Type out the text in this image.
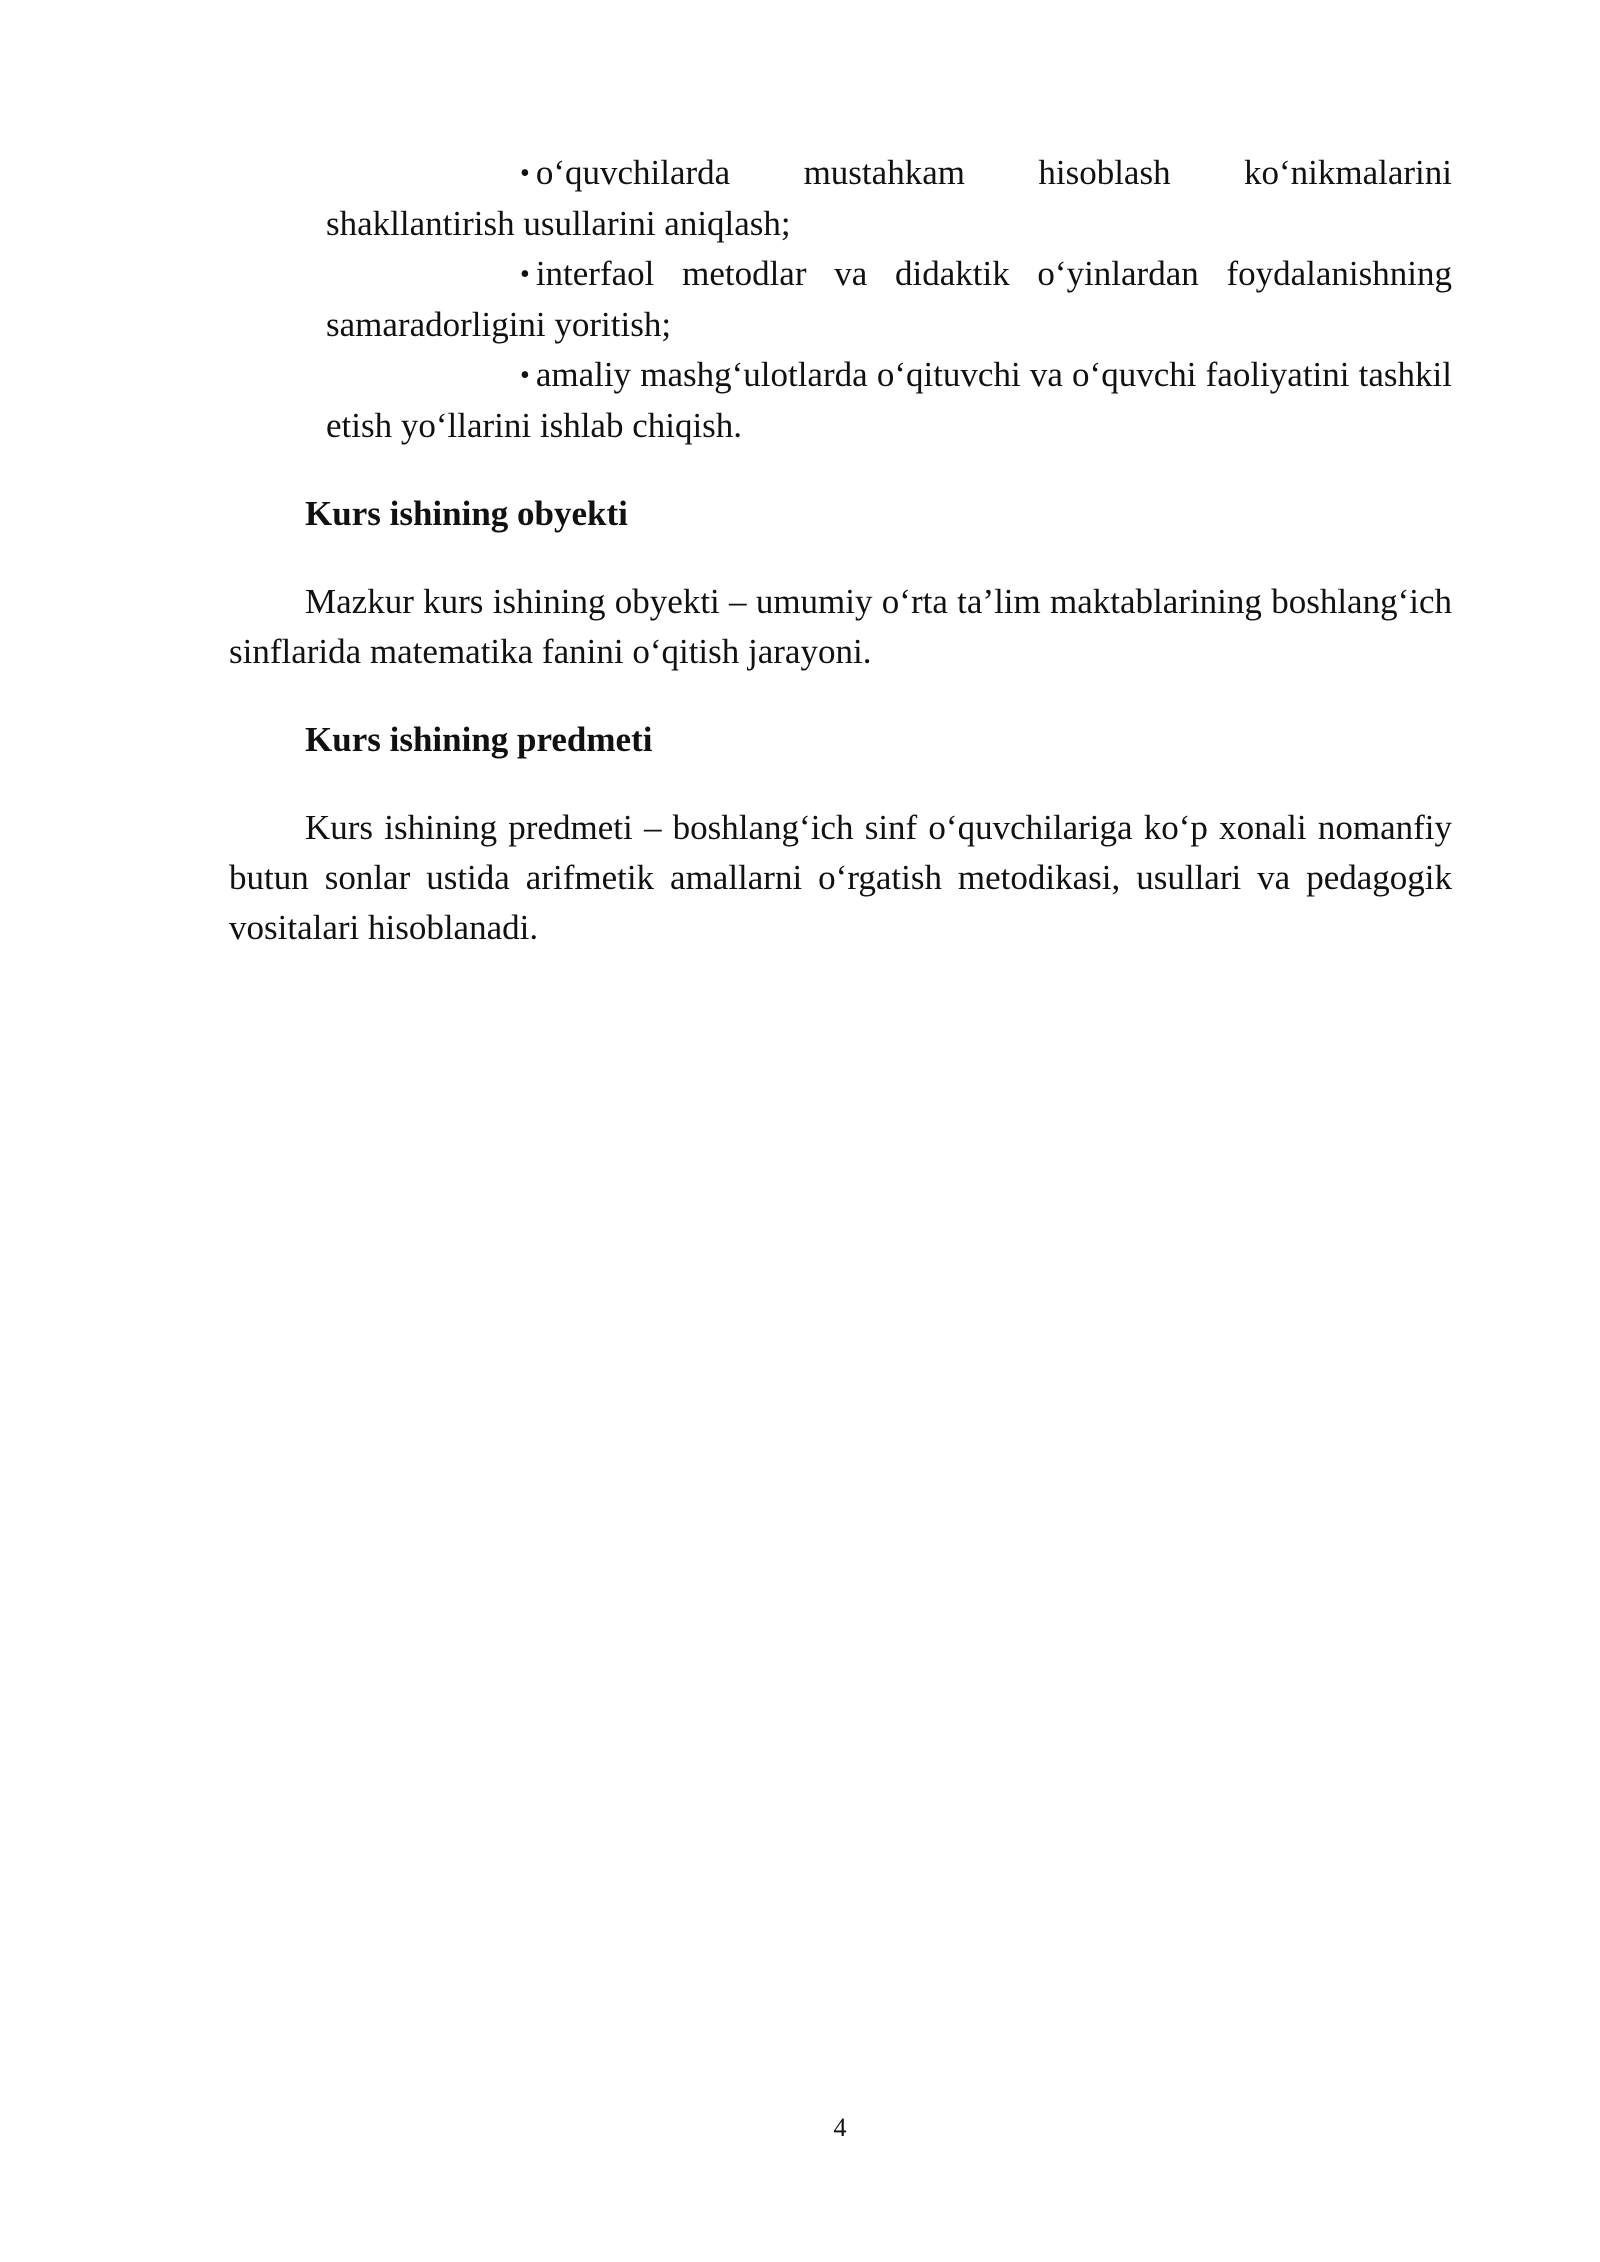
• o‘quvchilarda mustahkam hisoblash ko‘nikmalarini shakllantirish usullarini aniqlash;
• interfaol metodlar va didaktik o‘yinlardan foydalanishning samaradorligini yoritish;
• amaliy mashg‘ulotlarda o‘qituvchi va o‘quvchi faoliyatini tashkil etish yo‘llarini ishlab chiqish.
Kurs ishining obyekti

Mazkur kurs ishining obyekti – umumiy o‘rta ta’lim maktablarining boshlang‘ich sinflarida matematika fanini o‘qitish jarayoni.

Kurs ishining predmeti

Kurs ishining predmeti – boshlang‘ich sinf o‘quvchilariga ko‘p xonali nomanfiy butun sonlar ustida arifmetik amallarni o‘rgatish metodikasi, usullari va pedagogik vositalari hisoblanadi.

4
